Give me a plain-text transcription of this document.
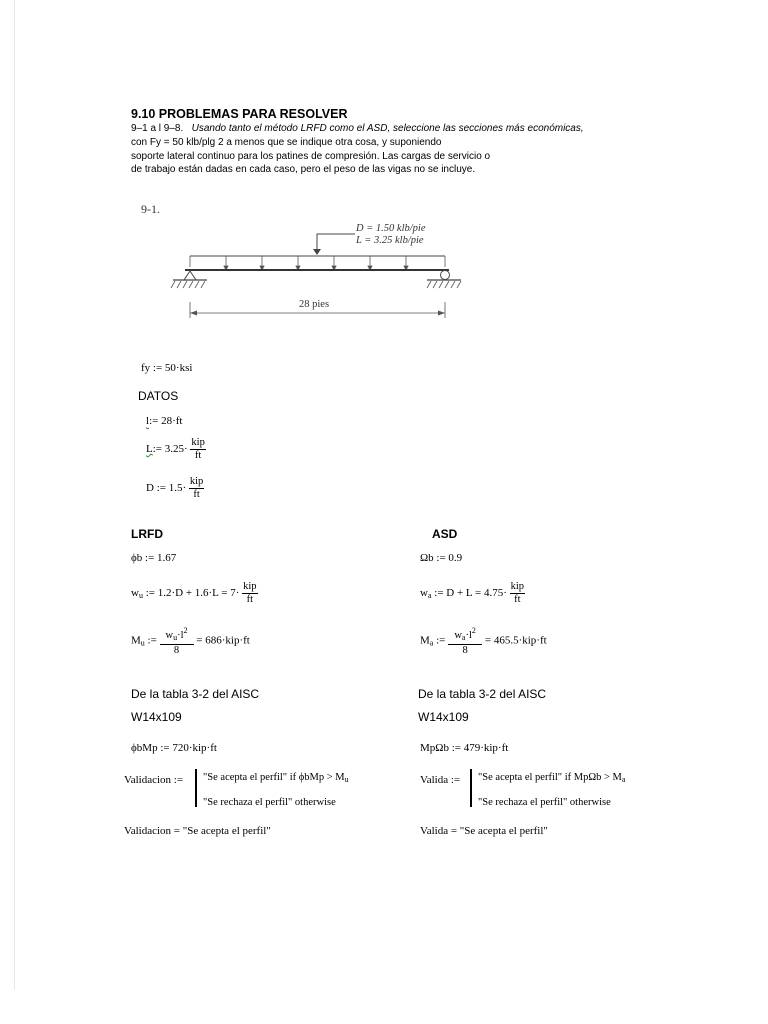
9.10 PROBLEMAS PARA RESOLVER
9–1 a l 9–8. Usando tanto el método LRFD como el ASD, seleccione las secciones más económicas,
con Fy = 50 klb/plg 2 a menos que se indique otra cosa, y suponiendo
soporte lateral continuo para los patines de compresión. Las cargas de servicio o
de trabajo están dadas en cada caso, pero el peso de las vigas no se incluye.
9-1.
D = 1.50 klb/pie
L = 3.25 klb/pie
28 pies
fy := 50·ksi
DATOS
l:= 28·ft
L:= $3.25\cdot \frac{\text{kip}}{ft}$
D := $1.5\cdot \frac{\text{kip}}{ft}$
LRFD
ϕb := 1.67
$w_u$ := $1.2\cdot D + 1.6\cdot L = 7\cdot \frac{\text{kip}}{ft}$
$M_u$ := $\frac{w_u\cdot l^2}{8} = 686\cdot kip\cdot ft$
De la tabla 3-2 del AISC
W14x109
ϕbMp := 720·kip·ft
Validacion := "Se acepta el perfil" if $\phi bMp > M_u$
"Se rechaza el perfil" otherwise
Validacion = "Se acepta el perfil"
ASD
Ωb := 0.9
$w_a$ := $D + L = 4.75\cdot \frac{\text{kip}}{ft}$
$M_a$ := $\frac{w_a\cdot l^2}{8} = 465.5\cdot kip\cdot ft$
De la tabla 3-2 del AISC
W14x109
MpΩb := 479·kip·ft
Valida := "Se acepta el perfil" if $Mp\Omega b > M_a$
"Se rechaza el perfil" otherwise
Valida = "Se acepta el perfil"
